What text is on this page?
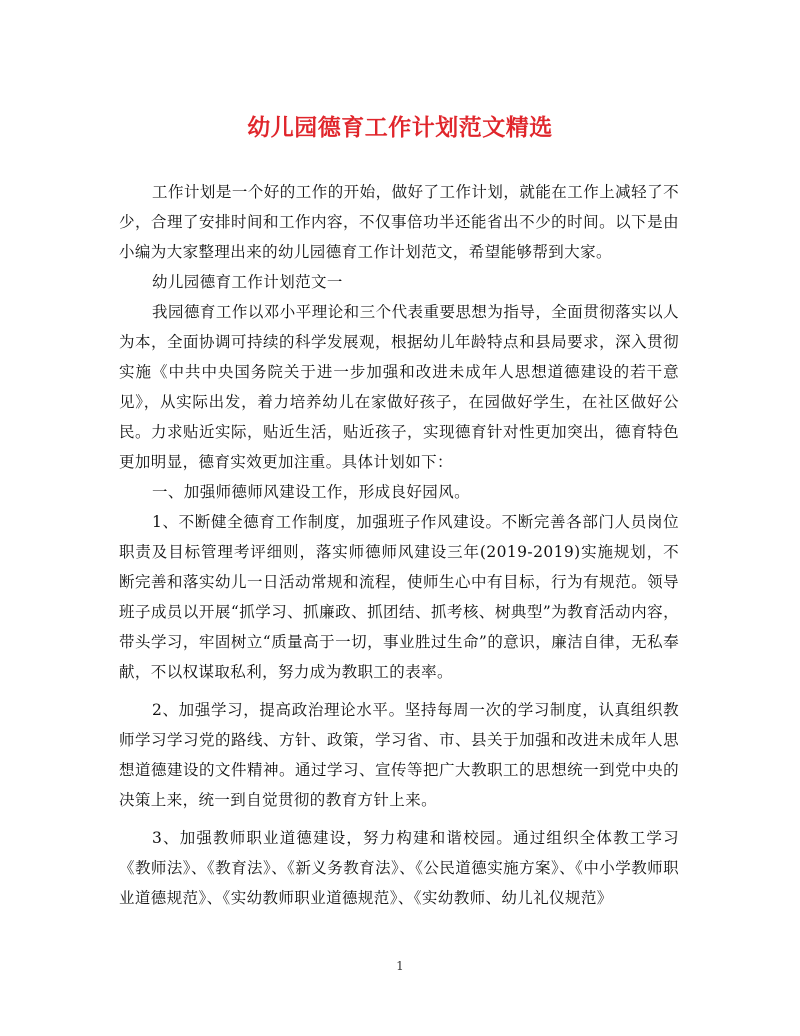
幼儿园德育工作计划范文精选

工作计划是一个好的工作的开始，做好了工作计划，就能在工作上减轻了不少，合理了安排时间和工作内容，不仅事倍功半还能省出不少的时间。以下是由小编为大家整理出来的幼儿园德育工作计划范文，希望能够帮到大家。

幼儿园德育工作计划范文一

我园德育工作以邓小平理论和三个代表重要思想为指导，全面贯彻落实以人为本，全面协调可持续的科学发展观，根据幼儿年龄特点和县局要求，深入贯彻实施《中共中央国务院关于进一步加强和改进未成年人思想道德建设的若干意见》，从实际出发，着力培养幼儿在家做好孩子，在园做好学生，在社区做好公民。力求贴近实际，贴近生活，贴近孩子，实现德育针对性更加突出，德育特色更加明显，德育实效更加注重。具体计划如下：

一、加强师德师风建设工作，形成良好园风。

1、不断健全德育工作制度，加强班子作风建设。不断完善各部门人员岗位职责及目标管理考评细则，落实师德师风建设三年(2019-2019)实施规划，不断完善和落实幼儿一日活动常规和流程，使师生心中有目标，行为有规范。领导班子成员以开展“抓学习、抓廉政、抓团结、抓考核、树典型”为教育活动内容，带头学习，牢固树立“质量高于一切，事业胜过生命”的意识，廉洁自律，无私奉献，不以权谋取私利，努力成为教职工的表率。

2、加强学习，提高政治理论水平。坚持每周一次的学习制度，认真组织教师学习学习党的路线、方针、政策，学习省、市、县关于加强和改进未成年人思想道德建设的文件精神。通过学习、宣传等把广大教职工的思想统一到党中央的决策上来，统一到自觉贯彻的教育方针上来。

3、加强教师职业道德建设，努力构建和谐校园。通过组织全体教工学习《教师法》、《教育法》、《新义务教育法》、《公民道德实施方案》、《中小学教师职业道德规范》、《实幼教师职业道德规范》、《实幼教师、幼儿礼仪规范》

1
